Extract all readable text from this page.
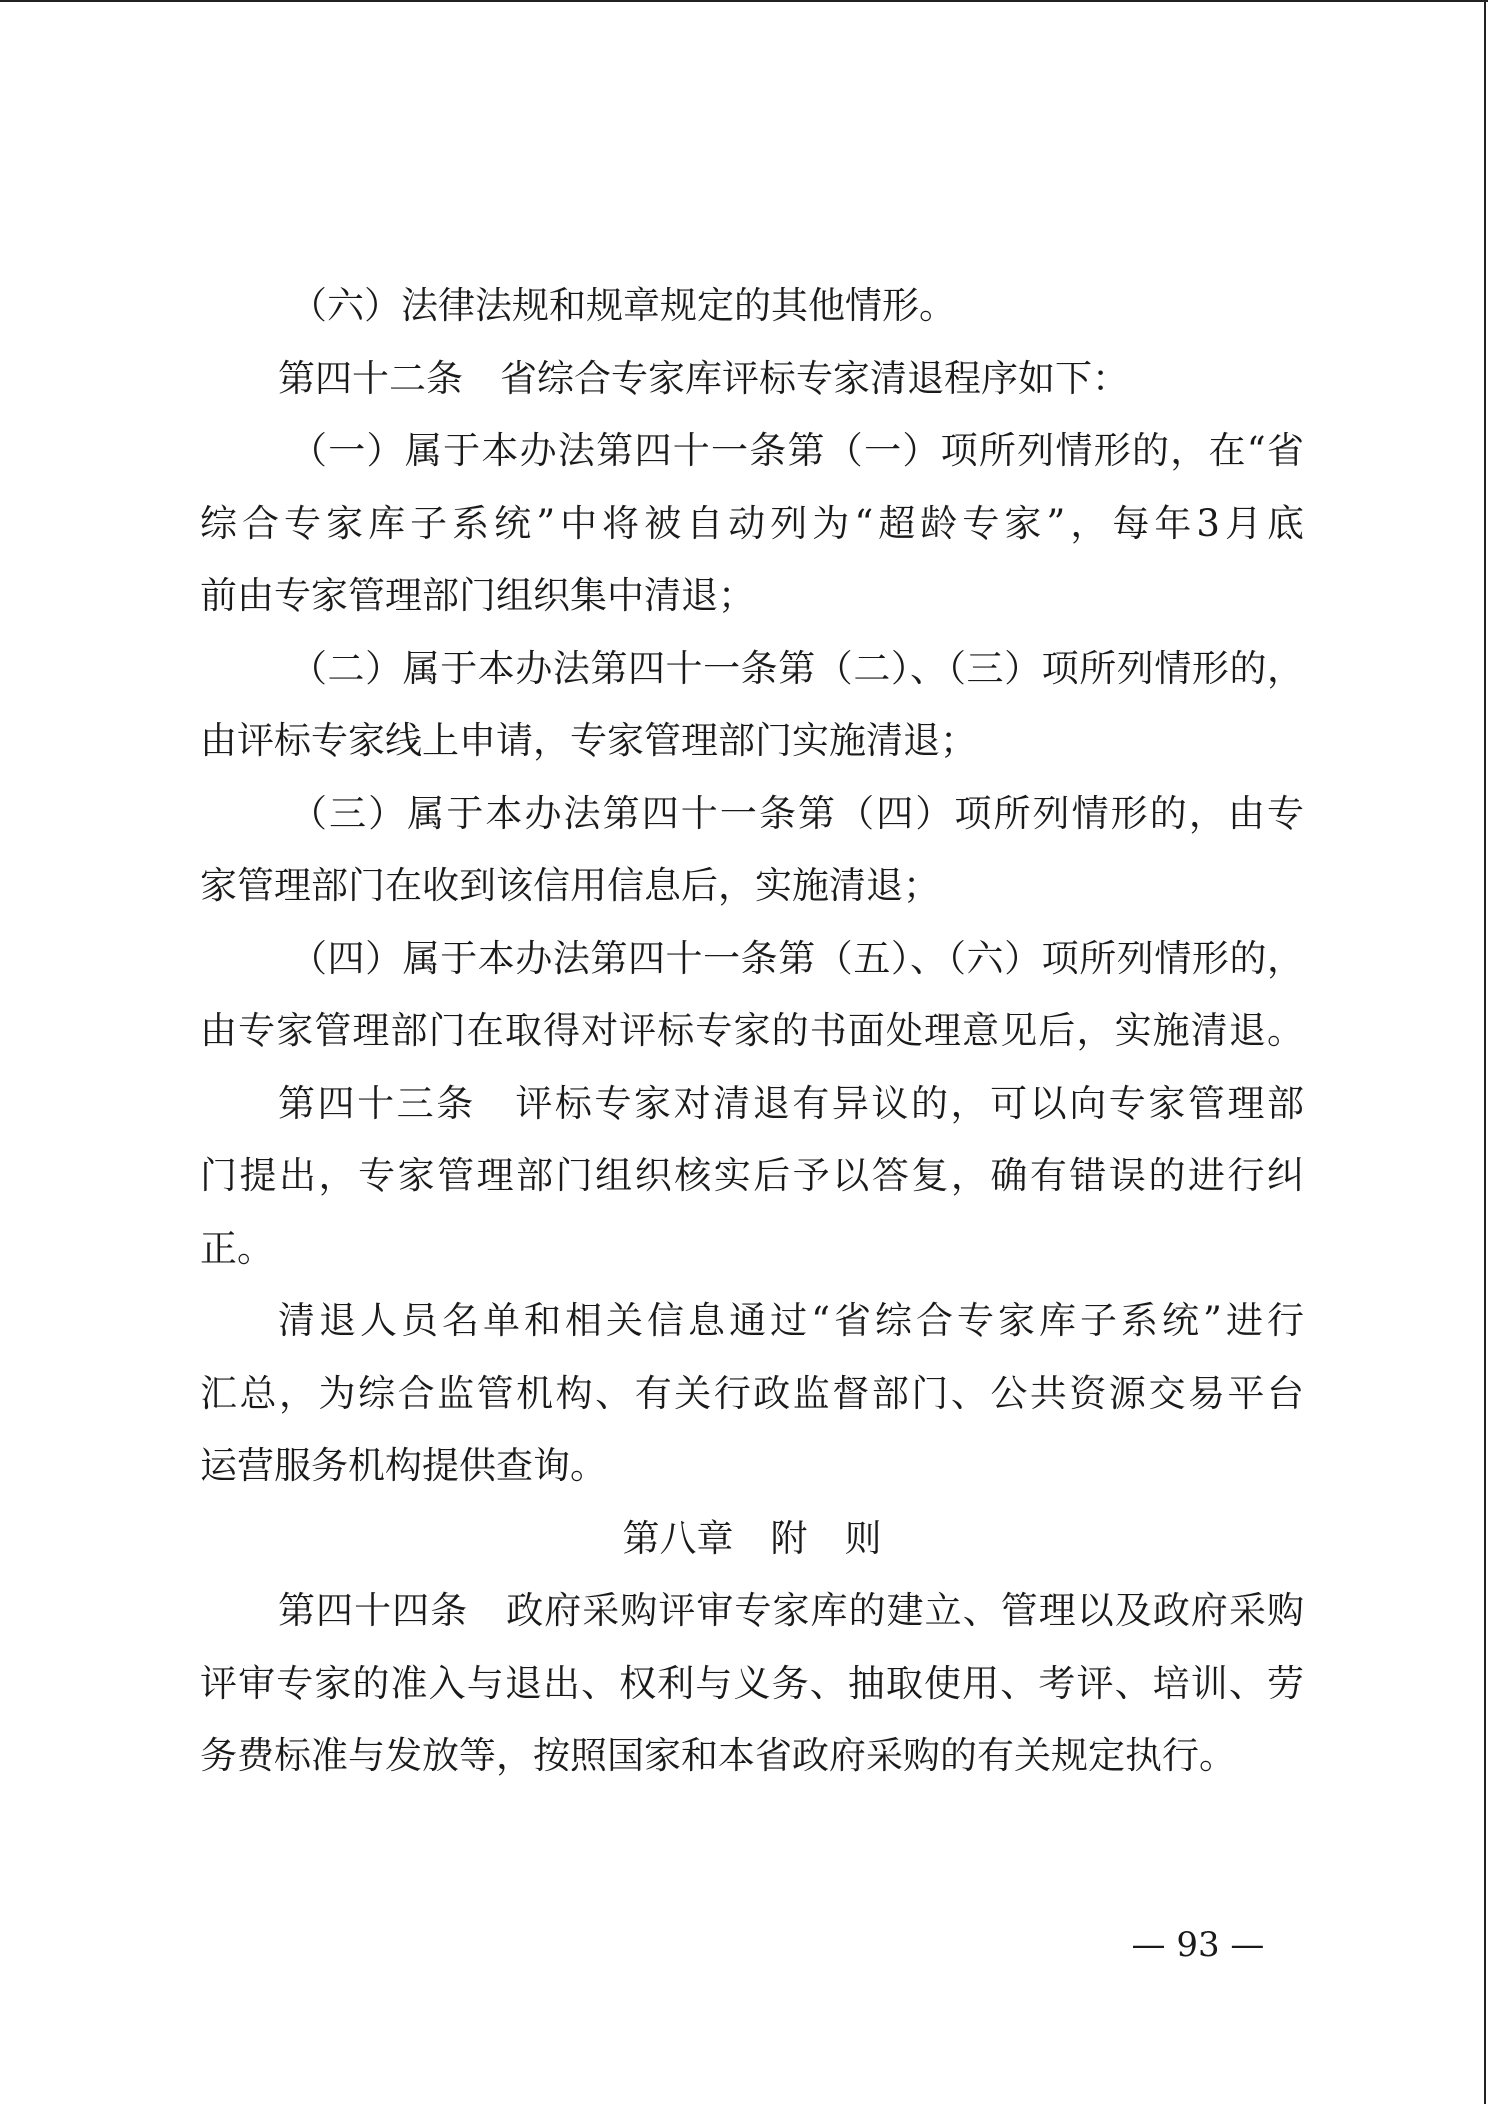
（六）法律法规和规章规定的其他情形。
第四十二条　省综合专家库评标专家清退程序如下：
（一）属于本办法第四十一条第（一）项所列情形的，在“省
综合专家库子系统”中将被自动列为“超龄专家”，每年3月底
前由专家管理部门组织集中清退；
（二）属于本办法第四十一条第（二）、（三）项所列情形的，
由评标专家线上申请，专家管理部门实施清退；
（三）属于本办法第四十一条第（四）项所列情形的，由专
家管理部门在收到该信用信息后，实施清退；
（四）属于本办法第四十一条第（五）、（六）项所列情形的，
由专家管理部门在取得对评标专家的书面处理意见后，实施清退。
第四十三条　评标专家对清退有异议的，可以向专家管理部
门提出，专家管理部门组织核实后予以答复，确有错误的进行纠
正。
清退人员名单和相关信息通过“省综合专家库子系统”进行
汇总，为综合监管机构、有关行政监督部门、公共资源交易平台
运营服务机构提供查询。
第八章　附　则
第四十四条　政府采购评审专家库的建立、管理以及政府采购
评审专家的准入与退出、权利与义务、抽取使用、考评、培训、劳
务费标准与发放等，按照国家和本省政府采购的有关规定执行。
— 93 —
